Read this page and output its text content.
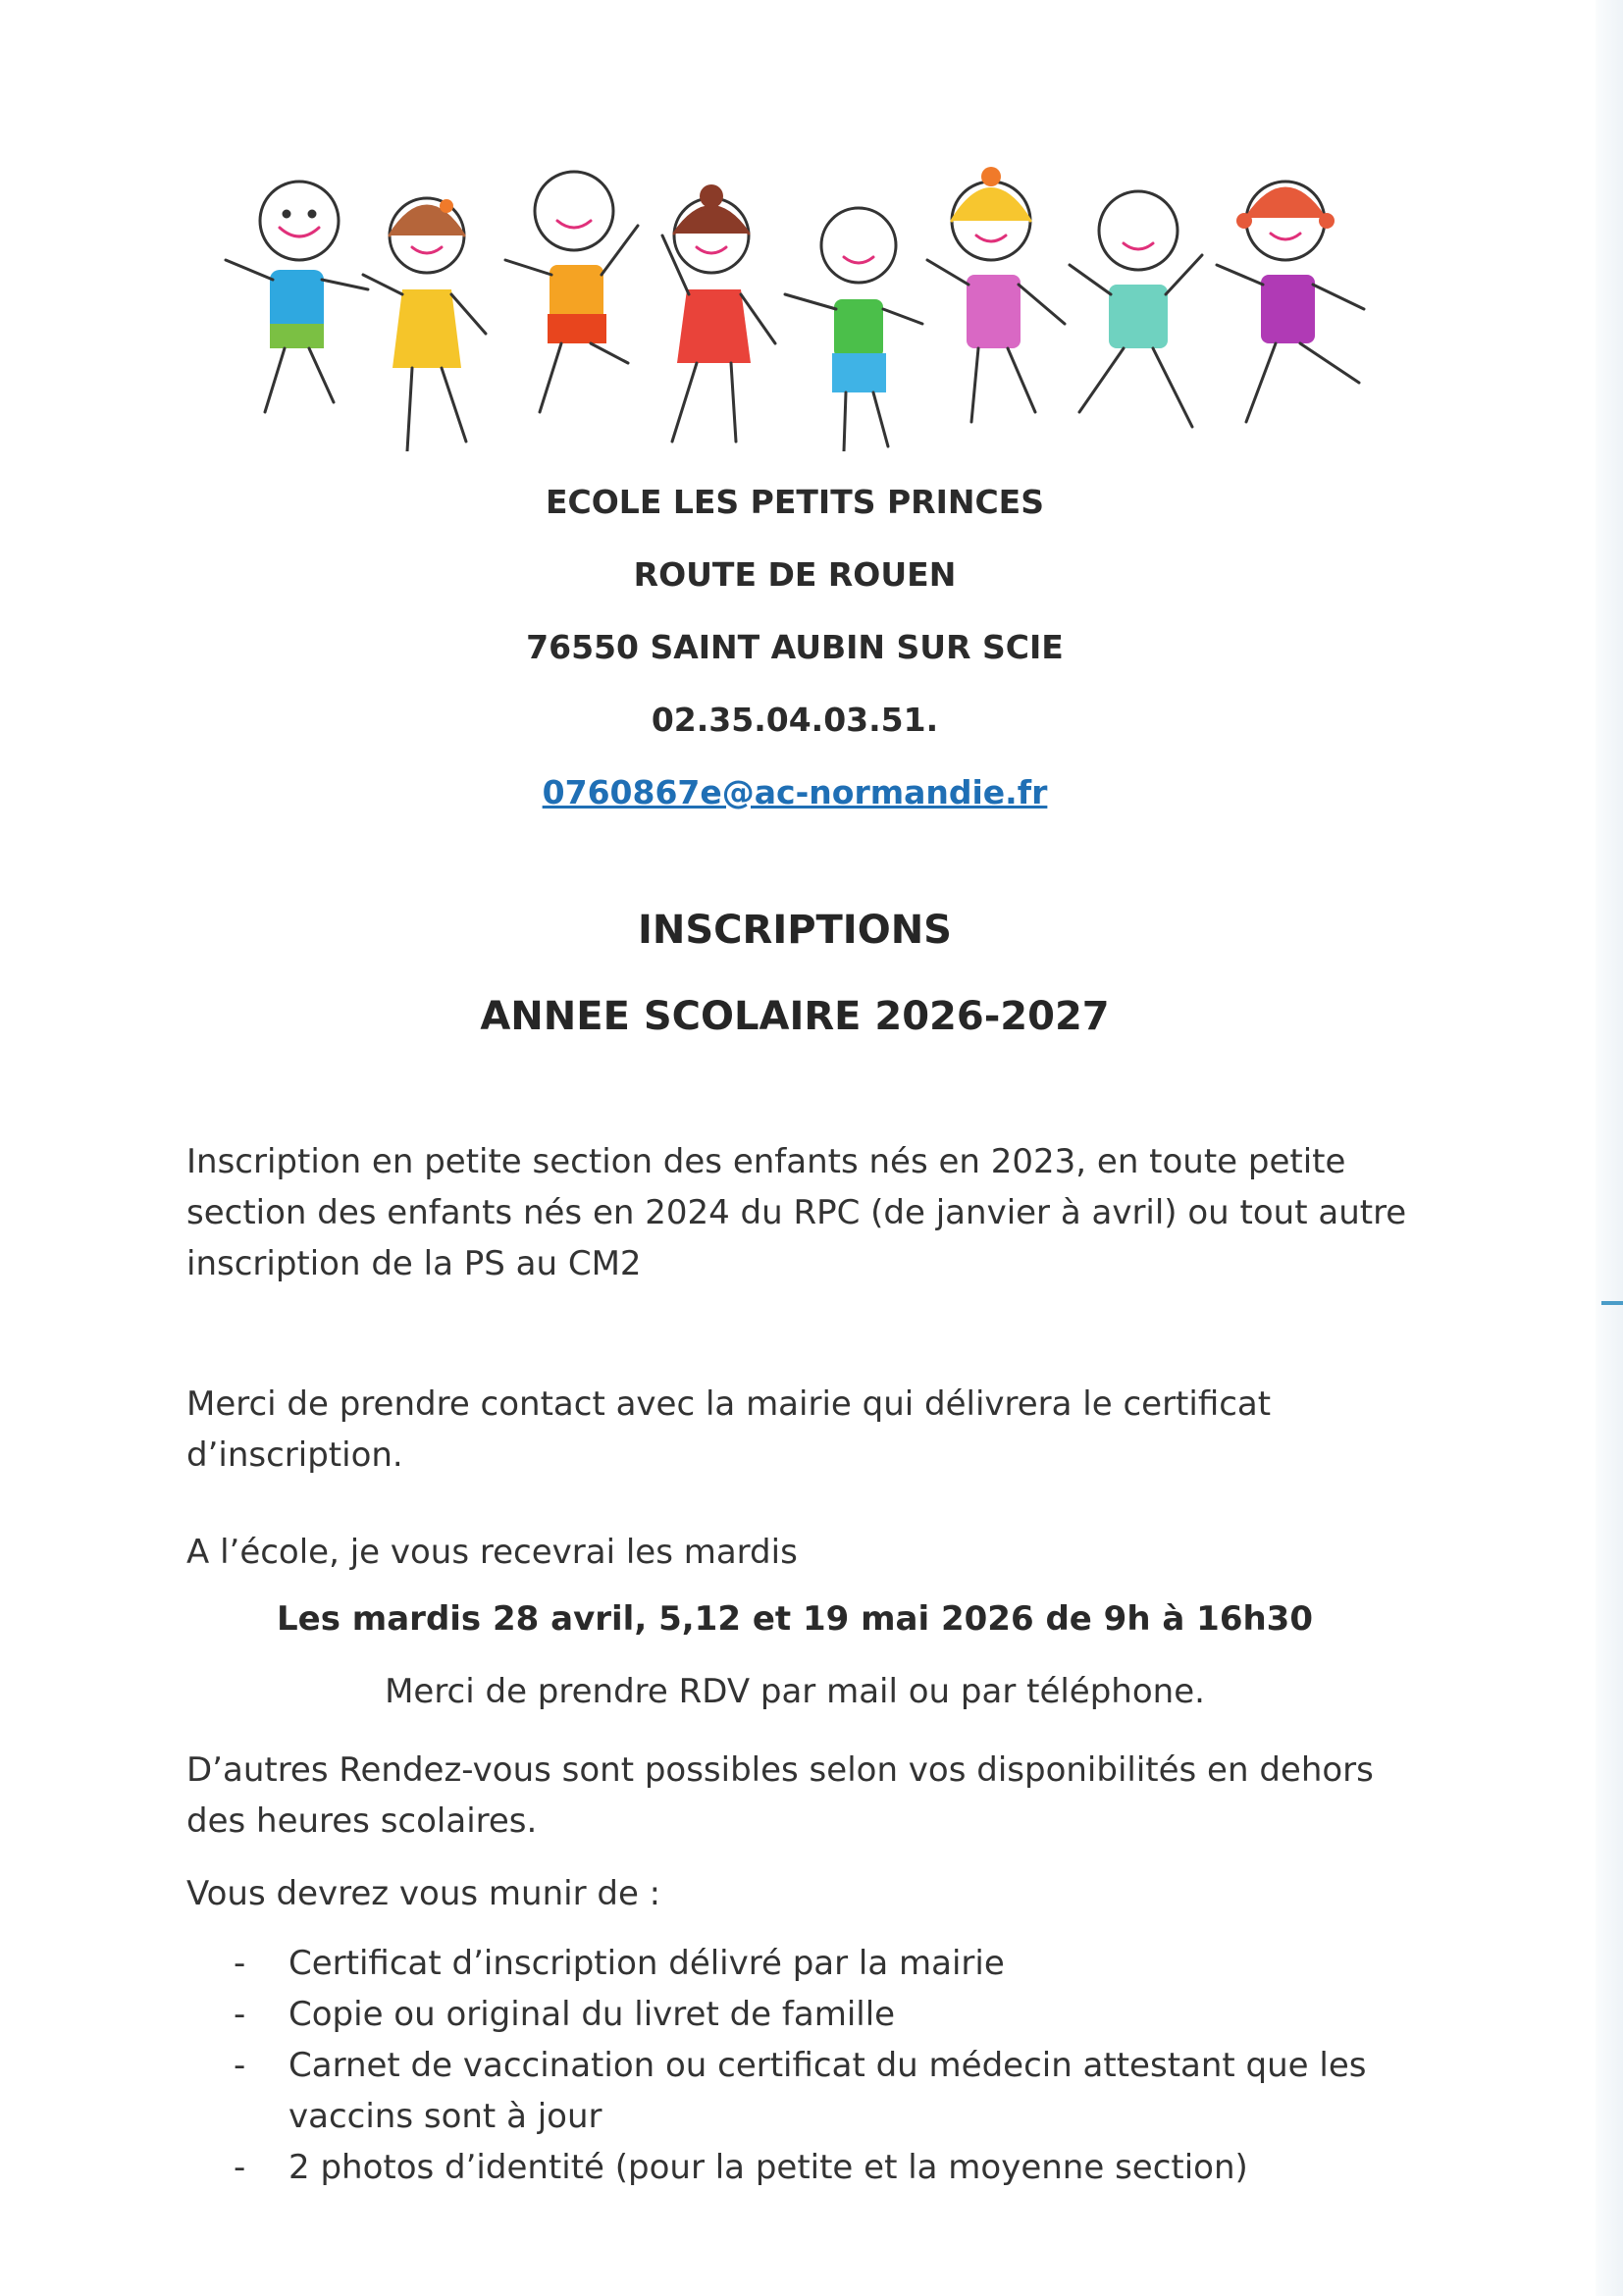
ECOLE LES PETITS PRINCES
ROUTE DE ROUEN
76550 SAINT AUBIN SUR SCIE
02.35.04.03.51.
0760867e@ac-normandie.fr
INSCRIPTIONS
ANNEE SCOLAIRE 2026-2027
Inscription en petite section des enfants nés en 2023, en toute petite section des enfants nés en 2024 du RPC (de janvier à avril) ou tout autre inscription de la PS au CM2
Merci de prendre contact avec la mairie qui délivrera le certificat d’inscription.
A l’école, je vous recevrai les mardis
Les mardis 28 avril, 5,12 et 19 mai 2026 de 9h à 16h30
Merci de prendre RDV par mail ou par téléphone.
D’autres Rendez-vous sont possibles selon vos disponibilités en dehors des heures scolaires.
Vous devrez vous munir de :
- Certificat d’inscription délivré par la mairie
- Copie ou original du livret de famille
- Carnet de vaccination ou certificat du médecin attestant que les vaccins sont à jour
- 2 photos d’identité (pour la petite et la moyenne section)
